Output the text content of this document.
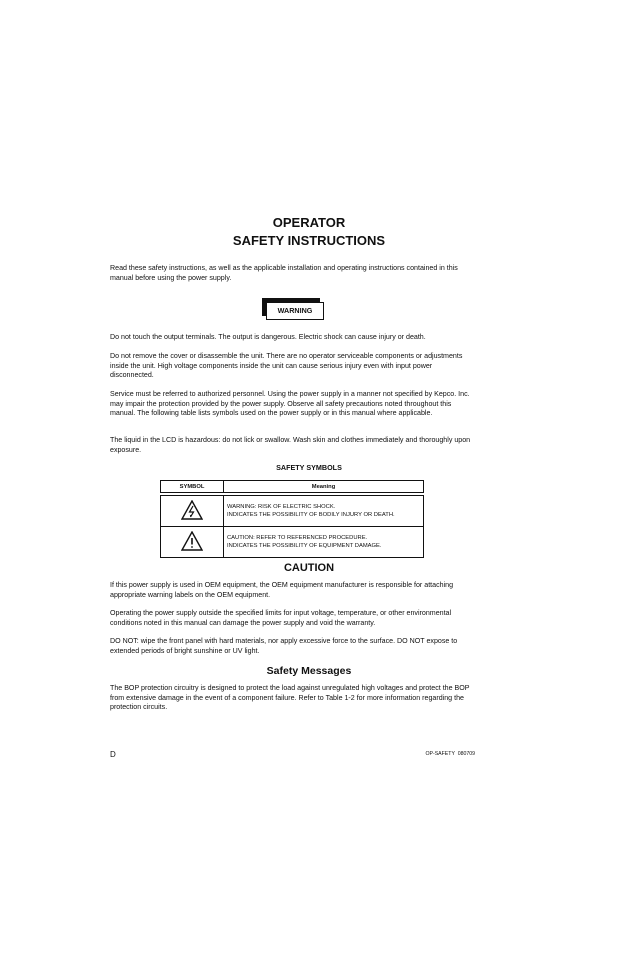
OPERATOR
SAFETY INSTRUCTIONS

Read these safety instructions, as well as the applicable installation and operating instructions contained in this manual before using the power supply.

WARNING

Do not touch the output terminals. The output is dangerous. Electric shock can cause injury or death.

Do not remove the cover or disassemble the unit. There are no operator serviceable components or adjustments inside the unit. High voltage components inside the unit can cause serious injury even with input power disconnected.

Service must be referred to authorized personnel. Using the power supply in a manner not specified by Kepco. Inc. may impair the protection provided by the power supply. Observe all safety precautions noted throughout this manual. The following table lists symbols used on the power supply or in this manual where applicable.

The liquid in the LCD is hazardous: do not lick or swallow. Wash skin and clothes immediately and thoroughly upon exposure.

SAFETY SYMBOLS
SYMBOL	Meaning

WARNING: RISK OF ELECTRIC SHOCK.
INDICATES THE POSSIBILITY OF BODILY INJURY OR DEATH.

CAUTION: REFER TO REFERENCED PROCEDURE.
INDICATES THE POSSIBILITY OF EQUIPMENT DAMAGE.
CAUTION

If this power supply is used in OEM equipment, the OEM equipment manufacturer is responsible for attaching appropriate warning labels on the OEM equipment.

Operating the power supply outside the specified limits for input voltage, temperature, or other environmental conditions noted in this manual can damage the power supply and void the warranty.

DO NOT: wipe the front panel with hard materials, nor apply excessive force to the surface. DO NOT expose to extended periods of bright sunshine or UV light.

Safety Messages

The BOP protection circuitry is designed to protect the load against unregulated high voltages and protect the BOP from extensive damage in the event of a component failure. Refer to Table 1-2 for more information regarding the protection circuits.

D	OP-SAFETY  080709
